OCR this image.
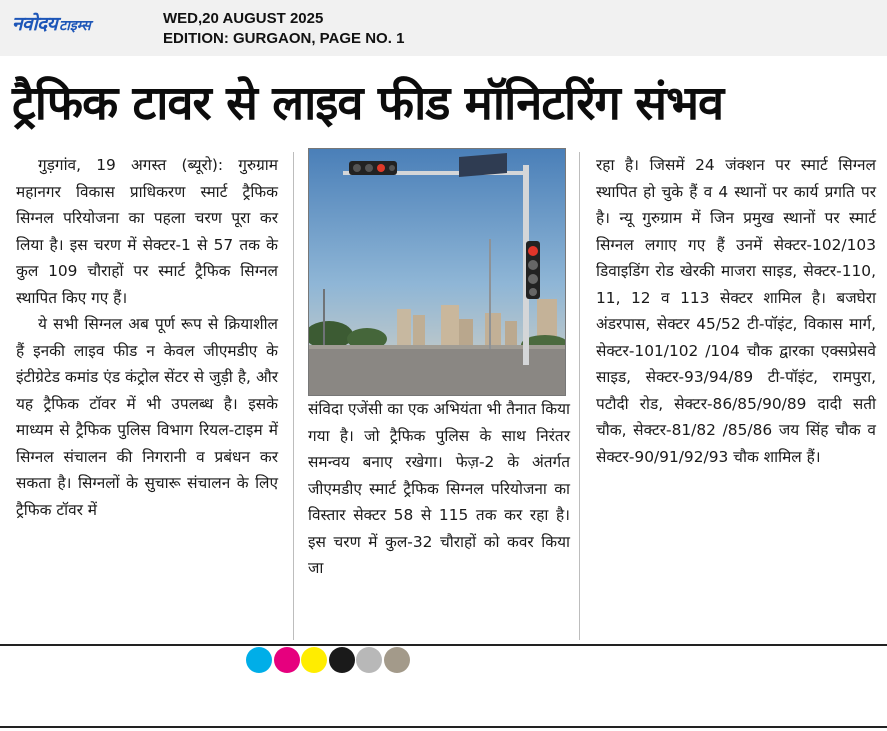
नवोदय टाइम्स	WED,20 AUGUST 2025
EDITION: GURGAON, PAGE NO. 1
ट्रैफिक टावर से लाइव फीड मॉनिटरिंग संभव

गुड़गांव, 19 अगस्त (ब्यूरो): गुरुग्राम महानगर विकास प्राधिकरण स्मार्ट ट्रैफिक सिग्नल परियोजना का पहला चरण पूरा कर लिया है। इस चरण में सेक्टर-1 से 57 तक के कुल 109 चौराहों पर स्मार्ट ट्रैफिक सिग्नल स्थापित किए गए हैं।

ये सभी सिग्नल अब पूर्ण रूप से क्रियाशील हैं इनकी लाइव फीड न केवल जीएमडीए के इंटीग्रेटेड कमांड एंड कंट्रोल सेंटर से जुड़ी है, और यह ट्रैफिक टॉवर में भी उपलब्ध है। इसके माध्यम से ट्रैफिक पुलिस विभाग रियल-टाइम में सिग्नल संचालन की निगरानी व प्रबंधन कर सकता है। सिग्नलों के सुचारू संचालन के लिए ट्रैफिक टॉवर में

संविदा एजेंसी का एक अभियंता भी तैनात किया गया है। जो ट्रैफिक पुलिस के साथ निरंतर समन्वय बनाए रखेगा। फेज़-2 के अंतर्गत जीएमडीए स्मार्ट ट्रैफिक सिग्नल परियोजना का विस्तार सेक्टर 58 से 115 तक कर रहा है। इस चरण में कुल-32 चौराहों को कवर किया जा

रहा है। जिसमें 24 जंक्शन पर स्मार्ट सिग्नल स्थापित हो चुके हैं व 4 स्थानों पर कार्य प्रगति पर है। न्यू गुरुग्राम में जिन प्रमुख स्थानों पर स्मार्ट सिग्नल लगाए गए हैं उनमें सेक्टर-102/103 डिवाइडिंग रोड खेरकी माजरा साइड, सेक्टर-110, 11, 12 व 113 सेक्टर शामिल है। बजघेरा अंडरपास, सेक्टर 45/52 टी-पॉइंट, विकास मार्ग, सेक्टर-101/102 /104 चौक द्वारका एक्सप्रेसवे साइड, सेक्टर-93/94/89 टी-पॉइंट, रामपुरा, पटौदी रोड, सेक्टर-86/85/90/89 दादी सती चौक, सेक्टर-81/82 /85/86 जय सिंह चौक व सेक्टर-90/91/92/93 चौक शामिल हैं।
